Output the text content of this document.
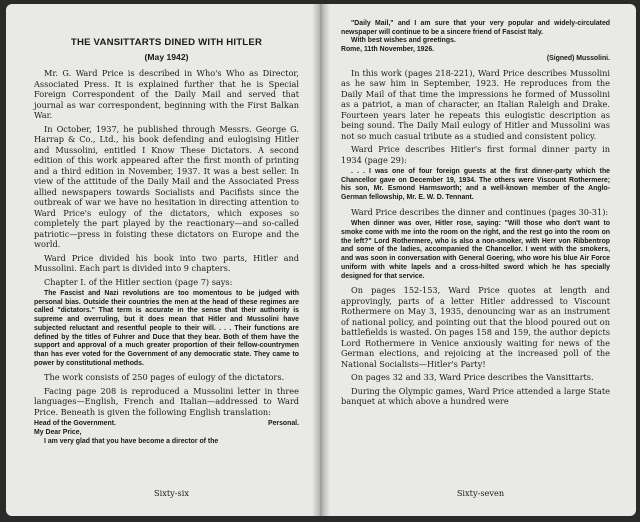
THE VANSITTARTS DINED WITH HITLER
(May 1942)

Mr. G. Ward Price is described in Who's Who as Director, Associated Press. It is explained further that he is Special Foreign Correspondent of the Daily Mail and served that journal as war correspondent, beginning with the First Balkan War.

In October, 1937, he published through Messrs. George G. Harrap & Co., Ltd., his book defending and eulogising Hitler and Mussolini, entitled I Know These Dictators. A second edition of this work appeared after the first month of printing and a third edition in November, 1937. It was a best seller. In view of the attitude of the Daily Mail and the Associated Press allied newspapers towards Socialists and Pacifists since the outbreak of war we have no hesitation in directing attention to Ward Price's eulogy of the dictators, which exposes so completely the part played by the reactionary—and so-called patriotic—press in foisting these dictators on Europe and the world.

Ward Price divided his book into two parts, Hitler and Mussolini. Each part is divided into 9 chapters.

Chapter I. of the Hitler section (page 7) says:

The Fascist and Nazi revolutions are too momentous to be judged with personal bias. Outside their countries the men at the head of these regimes are called "dictators." That term is accurate in the sense that their authority is supreme and overruling, but it does mean that Hitler and Mussolini have subjected reluctant and resentful people to their will. . . . Their functions are defined by the titles of Fuhrer and Duce that they bear. Both of them have the support and approval of a much greater proportion of their fellow-countrymen than has ever voted for the Government of any democratic state. They came to power by constitutional methods.

The work consists of 250 pages of eulogy of the dictators.

Facing page 208 is reproduced a Mussolini letter in three languages—English, French and Italian—addressed to Ward Price. Beneath is given the following English translation:

Head of the Government.	Personal.
My Dear Price,
I am very glad that you have become a director of the
Sixty-six
"Daily Mail," and I am sure that your very popular and widely-circulated newspaper will continue to be a sincere friend of Fascist Italy.
With best wishes and greetings.
Rome, 11th November, 1926.
(Signed) Mussolini.

In this work (pages 218-221), Ward Price describes Mussolini as he saw him in September, 1923. He reproduces from the Daily Mail of that time the impressions he formed of Mussolini as a patriot, a man of character, an Italian Raleigh and Drake. Fourteen years later he repeats this eulogistic description as being sound. The Daily Mail eulogy of Hitler and Mussolini was not so much casual tribute as a studied and consistent policy.

Ward Price describes Hitler's first formal dinner party in 1934 (page 29):

. . . I was one of four foreign guests at the first dinner-party which the Chancellor gave on December 19, 1934. The others were Viscount Rothermere; his son, Mr. Esmond Harmsworth; and a well-known member of the Anglo-German fellowship, Mr. E. W. D. Tennant.

Ward Price describes the dinner and continues (pages 30-31):

When dinner was over, Hitler rose, saying: "Will those who don't want to smoke come with me into the room on the right, and the rest go into the room on the left?" Lord Rothermere, who is also a non-smoker, with Herr von Ribbentrop and some of the ladies, accompanied the Chancellor. I went with the smokers, and was soon in conversation with General Goering, who wore his blue Air Force uniform with white lapels and a cross-hilted sword which he has specially designed for that service.

On pages 152-153, Ward Price quotes at length and approvingly, parts of a letter Hitler addressed to Viscount Rothermere on May 3, 1935, denouncing war as an instrument of national policy, and pointing out that the blood poured out on battlefields is wasted. On pages 158 and 159, the author depicts Lord Rothermere in Venice anxiously waiting for news of the German elections, and rejoicing at the increased poll of the National Socialists—Hitler's Party!

On pages 32 and 33, Ward Price describes the Vansittarts.

During the Olympic games, Ward Price attended a large State banquet at which above a hundred were

Sixty-seven
